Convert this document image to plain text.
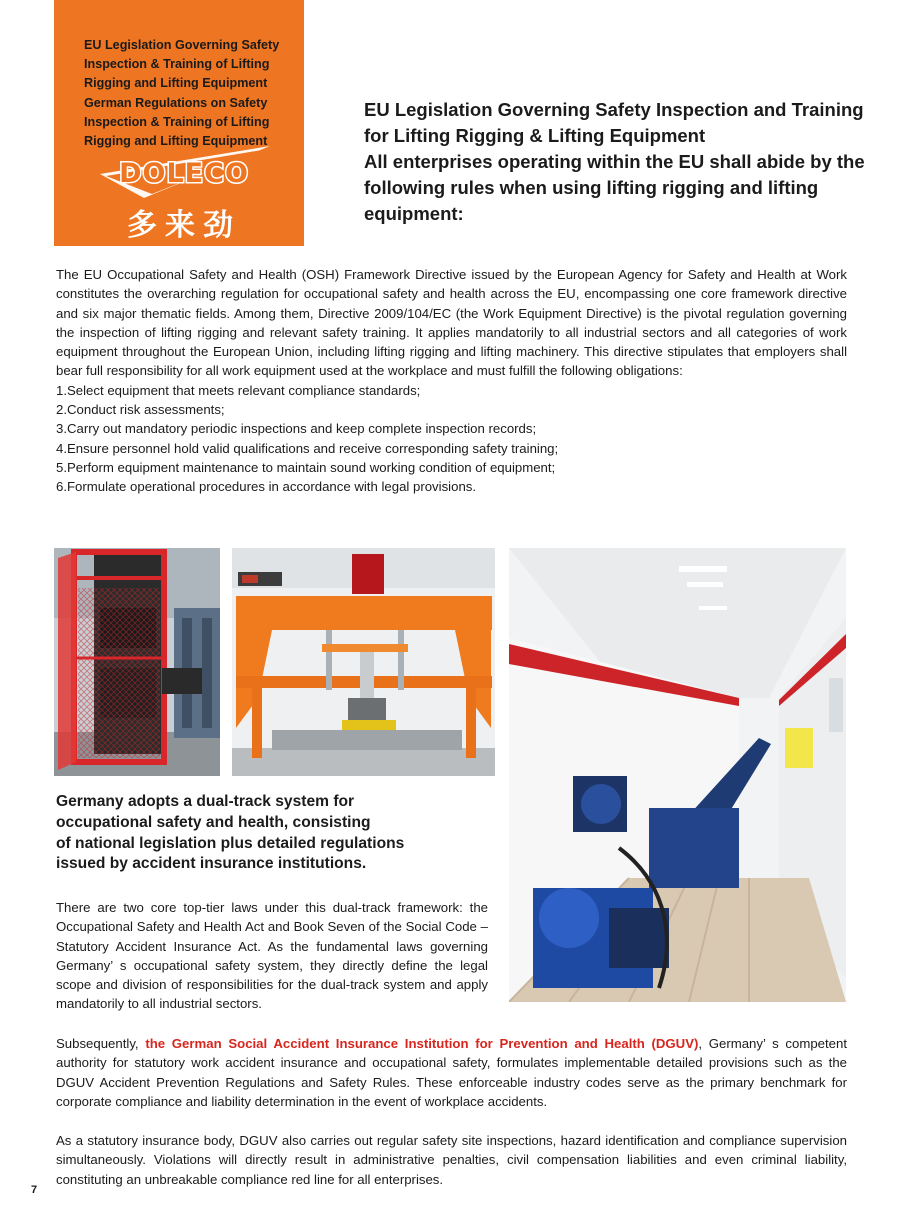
EU Legislation Governing Safety
Inspection & Training of Lifting
Rigging and Lifting Equipment
German Regulations on Safety
Inspection & Training of Lifting
Rigging and Lifting Equipment
DOLECO
多来劲
EU Legislation Governing Safety Inspection and Training
for Lifting Rigging & Lifting Equipment
All enterprises operating within the EU shall abide by the
following rules when using lifting rigging and lifting
equipment:

The EU Occupational Safety and Health (OSH) Framework Directive issued by the European Agency for Safety and Health at Work constitutes the overarching regulation for occupational safety and health across the EU, encompassing one core framework directive and six major thematic fields. Among them, Directive 2009/104/EC (the Work Equipment Directive) is the pivotal regulation governing the inspection of lifting rigging and relevant safety training. It applies mandatorily to all industrial sectors and all categories of work equipment throughout the European Union, including lifting rigging and lifting machinery. This directive stipulates that employers shall bear full responsibility for all work equipment used at the workplace and must fulfill the following obligations:

1.Select equipment that meets relevant compliance standards;
2.Conduct risk assessments;
3.Carry out mandatory periodic inspections and keep complete inspection records;
4.Ensure personnel hold valid qualifications and receive corresponding safety training;
5.Perform equipment maintenance to maintain sound working condition of equipment;
6.Formulate operational procedures in accordance with legal provisions.
Germany adopts a dual-track system for
occupational safety and health, consisting
of national legislation plus detailed regulations
issued by accident insurance institutions.

There are two core top-tier laws under this dual-track framework: the Occupational Safety and Health Act and Book Seven of the Social Code – Statutory Accident Insurance Act. As the fundamental laws governing Germany’ s occupational safety system, they directly define the legal scope and division of responsibilities for the dual-track system and apply mandatorily to all industrial sectors.

Subsequently, the German Social Accident Insurance Institution for Prevention and Health (DGUV), Germany’ s competent authority for statutory work accident insurance and occupational safety, formulates implementable detailed provisions such as the DGUV Accident Prevention Regulations and Safety Rules. These enforceable industry codes serve as the primary benchmark for corporate compliance and liability determination in the event of workplace accidents.

As a statutory insurance body, DGUV also carries out regular safety site inspections, hazard identification and compliance supervision simultaneously. Violations will directly result in administrative penalties, civil compensation liabilities and even criminal liability, constituting an unbreakable compliance red line for all enterprises.

7
